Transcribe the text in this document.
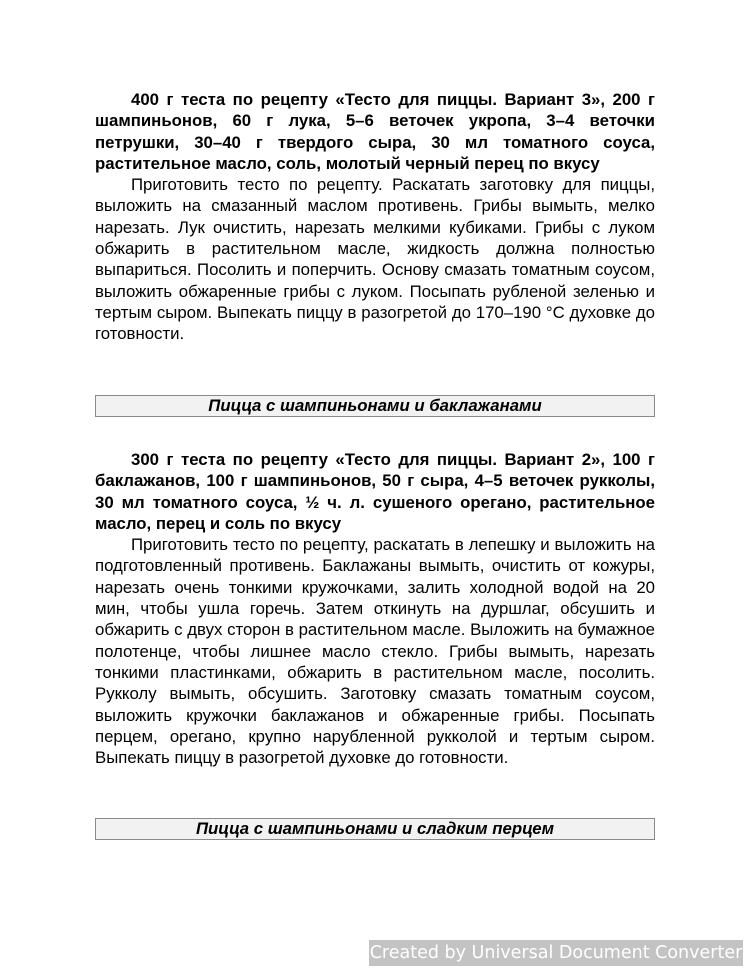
400 г теста по рецепту «Тесто для пиццы. Вариант 3», 200 г шампиньонов, 60 г лука, 5–6 веточек укропа, 3–4 веточки петрушки, 30–40 г твердого сыра, 30 мл томатного соуса, растительное масло, соль, молотый черный перец по вкусу

Приготовить тесто по рецепту. Раскатать заготовку для пиццы, выложить на смазанный маслом противень. Грибы вымыть, мелко нарезать. Лук очистить, нарезать мелкими кубиками. Грибы с луком обжарить в растительном масле, жидкость должна полностью выпариться. Посолить и поперчить. Основу смазать томатным соусом, выложить обжаренные грибы с луком. Посыпать рубленой зеленью и тертым сыром. Выпекать пиццу в разогретой до 170–190 °С духовке до готовности.

Пицца с шампиньонами и баклажанами

300 г теста по рецепту «Тесто для пиццы. Вариант 2», 100 г баклажанов, 100 г шампиньонов, 50 г сыра, 4–5 веточек рукколы, 30 мл томатного соуса, ½ ч. л. сушеного орегано, растительное масло, перец и соль по вкусу

Приготовить тесто по рецепту, раскатать в лепешку и выложить на подготовленный противень. Баклажаны вымыть, очистить от кожуры, нарезать очень тонкими кружочками, залить холодной водой на 20 мин, чтобы ушла горечь. Затем откинуть на дуршлаг, обсушить и обжарить с двух сторон в растительном масле. Выложить на бумажное полотенце, чтобы лишнее масло стекло. Грибы вымыть, нарезать тонкими пластинками, обжарить в растительном масле, посолить. Рукколу вымыть, обсушить. Заготовку смазать томатным соусом, выложить кружочки баклажанов и обжаренные грибы. Посыпать перцем, орегано, крупно нарубленной рукколой и тертым сыром. Выпекать пиццу в разогретой духовке до готовности.

Пицца с шампиньонами и сладким перцем
Created by Universal Document Converter
